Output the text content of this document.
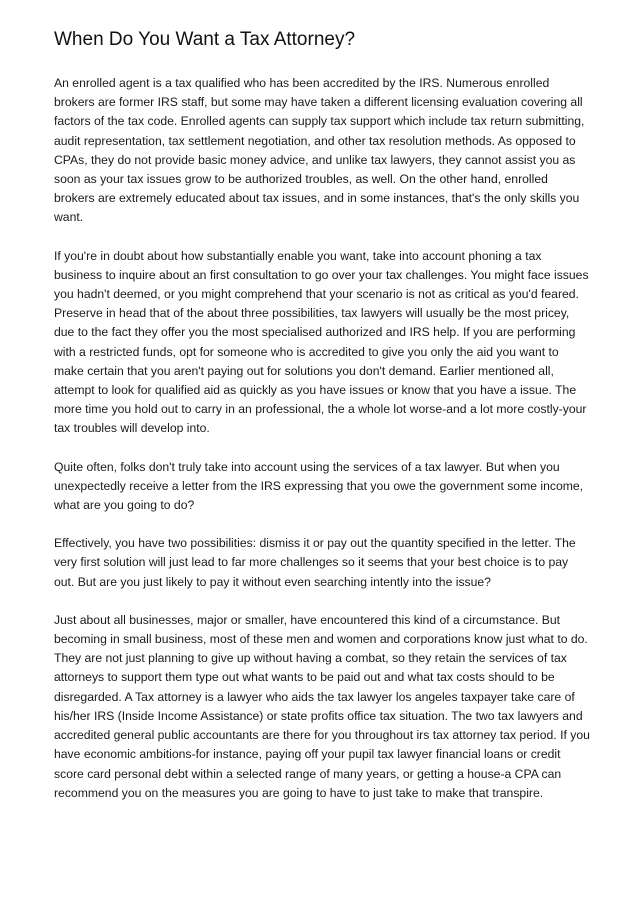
When Do You Want a Tax Attorney?

An enrolled agent is a tax qualified who has been accredited by the IRS. Numerous enrolled brokers are former IRS staff, but some may have taken a different licensing evaluation covering all factors of the tax code. Enrolled agents can supply tax support which include tax return submitting, audit representation, tax settlement negotiation, and other tax resolution methods. As opposed to CPAs, they do not provide basic money advice, and unlike tax lawyers, they cannot assist you as soon as your tax issues grow to be authorized troubles, as well. On the other hand, enrolled brokers are extremely educated about tax issues, and in some instances, that's the only skills you want.

If you're in doubt about how substantially enable you want, take into account phoning a tax business to inquire about an first consultation to go over your tax challenges. You might face issues you hadn't deemed, or you might comprehend that your scenario is not as critical as you'd feared. Preserve in head that of the about three possibilities, tax lawyers will usually be the most pricey, due to the fact they offer you the most specialised authorized and IRS help. If you are performing with a restricted funds, opt for someone who is accredited to give you only the aid you want to make certain that you aren't paying out for solutions you don't demand. Earlier mentioned all, attempt to look for qualified aid as quickly as you have issues or know that you have a issue. The more time you hold out to carry in an professional, the a whole lot worse-and a lot more costly-your tax troubles will develop into.

Quite often, folks don't truly take into account using the services of a tax lawyer. But when you unexpectedly receive a letter from the IRS expressing that you owe the government some income, what are you going to do?

Effectively, you have two possibilities: dismiss it or pay out the quantity specified in the letter. The very first solution will just lead to far more challenges so it seems that your best choice is to pay out. But are you just likely to pay it without even searching intently into the issue?

Just about all businesses, major or smaller, have encountered this kind of a circumstance. But becoming in small business, most of these men and women and corporations know just what to do. They are not just planning to give up without having a combat, so they retain the services of tax attorneys to support them type out what wants to be paid out and what tax costs should to be disregarded. A Tax attorney is a lawyer who aids the tax lawyer los angeles taxpayer take care of his/her IRS (Inside Income Assistance) or state profits office tax situation. The two tax lawyers and accredited general public accountants are there for you throughout irs tax attorney tax period. If you have economic ambitions-for instance, paying off your pupil tax lawyer financial loans or credit score card personal debt within a selected range of many years, or getting a house-a CPA can recommend you on the measures you are going to have to just take to make that transpire.
